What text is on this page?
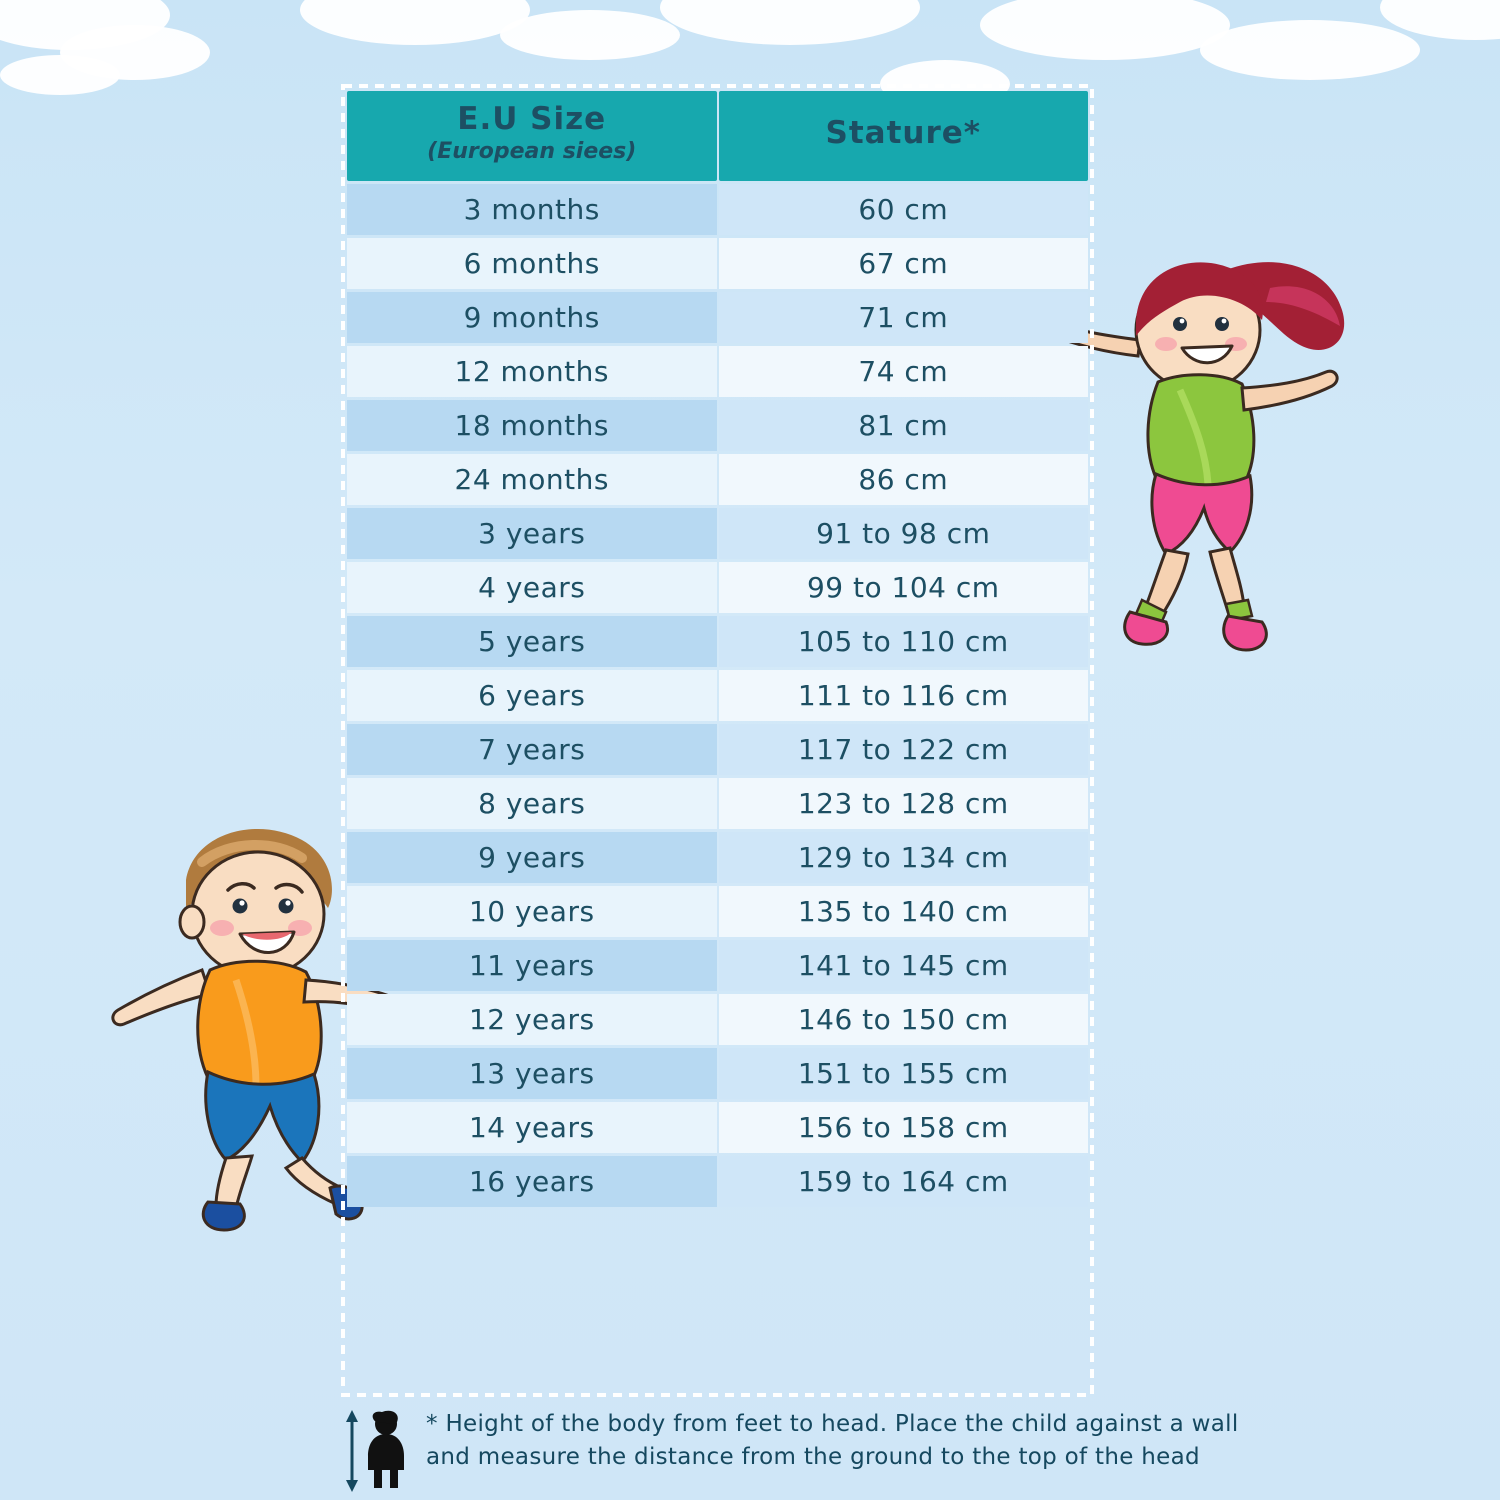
E.U Size
(European siees)	Stature*

3 months	60 cm
6 months	67 cm
9 months	71 cm
12 months	74 cm
18 months	81 cm
24 months	86 cm
3 years	91 to 98 cm
4 years	99 to 104 cm
5 years	105 to 110 cm
6 years	111 to 116 cm
7 years	117 to 122 cm
8 years	123 to 128 cm
9 years	129 to 134 cm
10 years	135 to 140 cm
11 years	141 to 145 cm
12 years	146 to 150 cm
13 years	151 to 155 cm
14 years	156 to 158 cm
16 years	159 to 164 cm
* Height of the body from feet to head. Place the child against a wall
and measure the distance from the ground to the top of the head
